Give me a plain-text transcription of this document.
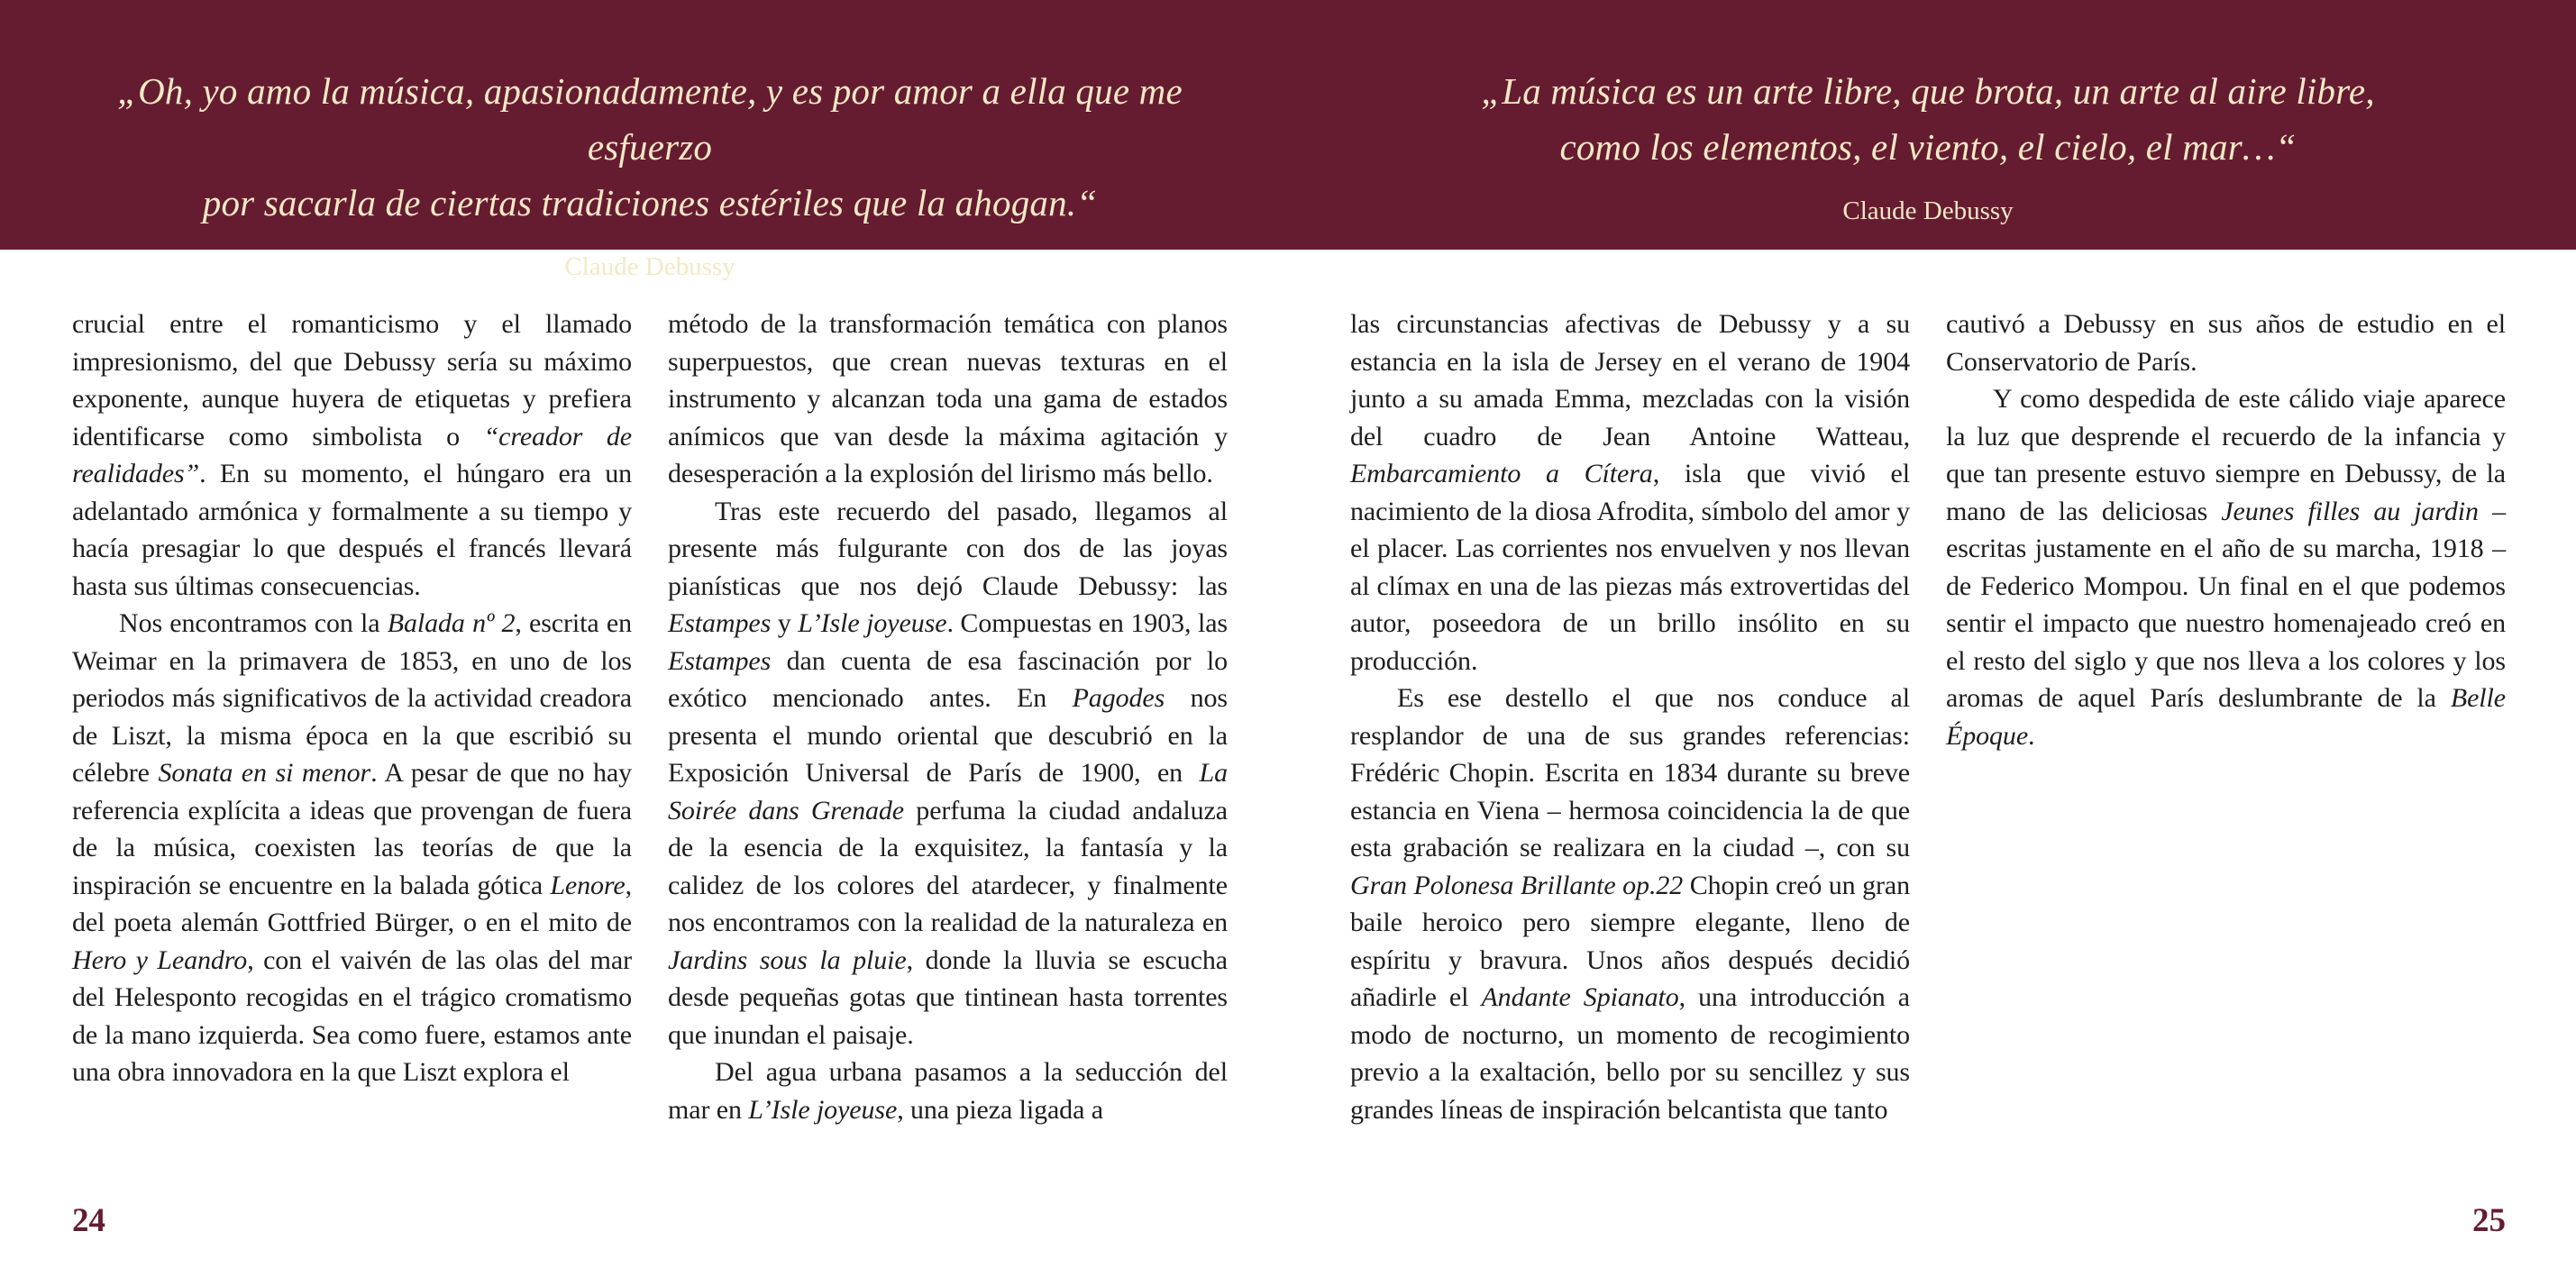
„Oh, yo amo la música, apasionadamente, y es por amor a ella que me esfuerzo
por sacarla de ciertas tradiciones estériles que la ahogan.“
Claude Debussy
„La música es un arte libre, que brota, un arte al aire libre,
como los elementos, el viento, el cielo, el mar…“
Claude Debussy

crucial entre el romanticismo y el llamado impresionismo, del que Debussy sería su máximo exponente, aunque huyera de etiquetas y prefiera identificarse como simbolista o “creador de realidades”. En su momento, el húngaro era un adelantado armónica y formalmente a su tiempo y hacía presagiar lo que después el francés llevará hasta sus últimas consecuencias.

Nos encontramos con la Balada nº 2, escrita en Weimar en la primavera de 1853, en uno de los periodos más significativos de la actividad creadora de Liszt, la misma época en la que escribió su célebre Sonata en si menor. A pesar de que no hay referencia explícita a ideas que provengan de fuera de la música, coexisten las teorías de que la inspiración se encuentre en la balada gótica Lenore, del poeta alemán Gottfried Bürger, o en el mito de Hero y Leandro, con el vaivén de las olas del mar del Helesponto recogidas en el trágico cromatismo de la mano izquierda. Sea como fuere, estamos ante una obra innovadora en la que Liszt explora el

método de la transformación temática con planos superpuestos, que crean nuevas texturas en el instrumento y alcanzan toda una gama de estados anímicos que van desde la máxima agitación y desesperación a la explosión del lirismo más bello.

Tras este recuerdo del pasado, llegamos al presente más fulgurante con dos de las joyas pianísticas que nos dejó Claude Debussy: las Estampes y L’Isle joyeuse. Compuestas en 1903, las Estampes dan cuenta de esa fascinación por lo exótico mencionado antes. En Pagodes nos presenta el mundo oriental que descubrió en la Exposición Universal de París de 1900, en La Soirée dans Grenade perfuma la ciudad andaluza de la esencia de la exquisitez, la fantasía y la calidez de los colores del atardecer, y finalmente nos encontramos con la realidad de la naturaleza en Jardins sous la pluie, donde la lluvia se escucha desde pequeñas gotas que tintinean hasta torrentes que inundan el paisaje.

Del agua urbana pasamos a la seducción del mar en L’Isle joyeuse, una pieza ligada a

las circunstancias afectivas de Debussy y a su estancia en la isla de Jersey en el verano de 1904 junto a su amada Emma, mezcladas con la visión del cuadro de Jean Antoine Watteau, Embarcamiento a Cítera, isla que vivió el nacimiento de la diosa Afrodita, símbolo del amor y el placer. Las corrientes nos envuelven y nos llevan al clímax en una de las piezas más extrovertidas del autor, poseedora de un brillo insólito en su producción.

Es ese destello el que nos conduce al resplandor de una de sus grandes referencias: Frédéric Chopin. Escrita en 1834 durante su breve estancia en Viena – hermosa coincidencia la de que esta grabación se realizara en la ciudad –, con su Gran Polonesa Brillante op.22 Chopin creó un gran baile heroico pero siempre elegante, lleno de espíritu y bravura. Unos años después decidió añadirle el Andante Spianato, una introducción a modo de nocturno, un momento de recogimiento previo a la exaltación, bello por su sencillez y sus grandes líneas de inspiración belcantista que tanto

cautivó a Debussy en sus años de estudio en el Conservatorio de París.

Y como despedida de este cálido viaje aparece la luz que desprende el recuerdo de la infancia y que tan presente estuvo siempre en Debussy, de la mano de las deliciosas Jeunes filles au jardin – escritas justamente en el año de su marcha, 1918 – de Federico Mompou. Un final en el que podemos sentir el impacto que nuestro homenajeado creó en el resto del siglo y que nos lleva a los colores y los aromas de aquel París deslumbrante de la Belle Époque.

24	25
